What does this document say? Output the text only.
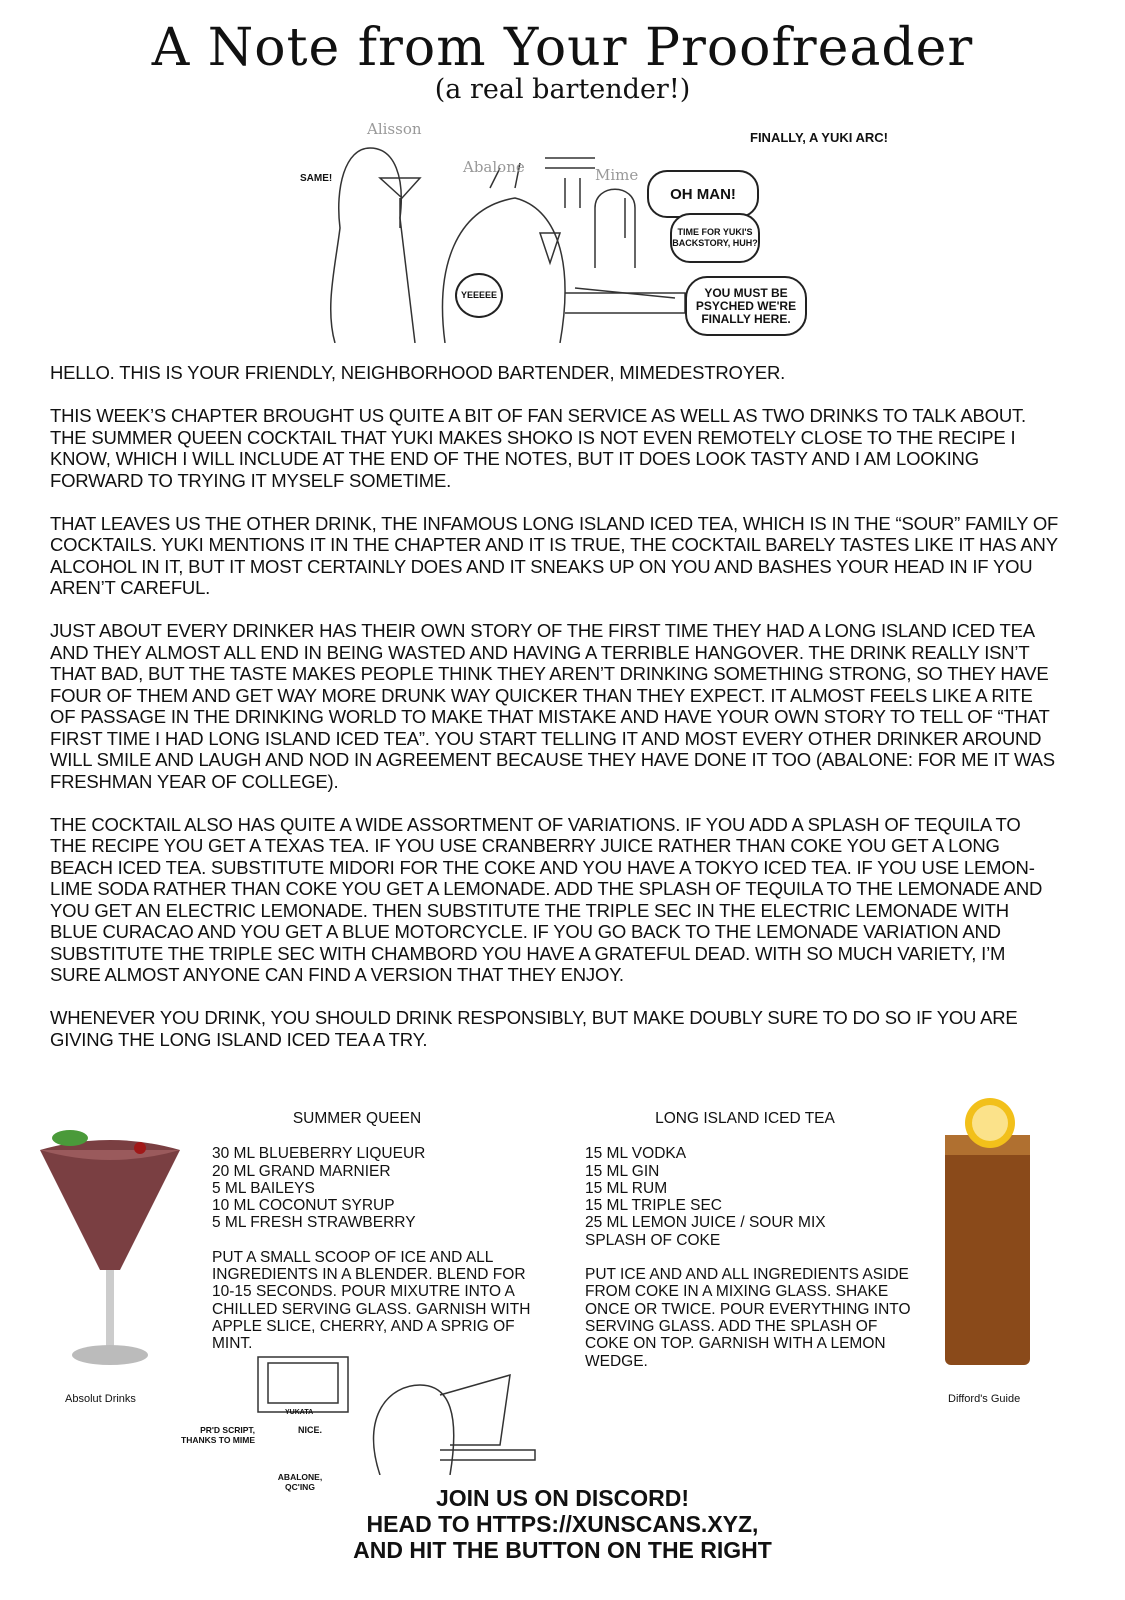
A Note from Your Proofreader
(a real bartender!)
Alisson
Abalone	Mime
SAME!
FINALLY, A YUKI ARC!
YEEEEE
OH MAN!
TIME FOR YUKI'S BACKSTORY, HUH?
YOU MUST BE PSYCHED WE'RE FINALLY HERE.

HELLO. THIS IS YOUR FRIENDLY, NEIGHBORHOOD BARTENDER, MIMEDESTROYER.

THIS WEEK’S CHAPTER BROUGHT US QUITE A BIT OF FAN SERVICE AS WELL AS TWO DRINKS TO TALK ABOUT. THE SUMMER QUEEN COCKTAIL THAT YUKI MAKES SHOKO IS NOT EVEN REMOTELY CLOSE TO THE RECIPE I KNOW, WHICH I WILL INCLUDE AT THE END OF THE NOTES, BUT IT DOES LOOK TASTY AND I AM LOOKING FORWARD TO TRYING IT MYSELF SOMETIME.

THAT LEAVES US THE OTHER DRINK, THE INFAMOUS LONG ISLAND ICED TEA, WHICH IS IN THE “SOUR” FAMILY OF COCKTAILS. YUKI MENTIONS IT IN THE CHAPTER AND IT IS TRUE, THE COCKTAIL BARELY TASTES LIKE IT HAS ANY ALCOHOL IN IT, BUT IT MOST CERTAINLY DOES AND IT SNEAKS UP ON YOU AND BASHES YOUR HEAD IN IF YOU AREN’T CAREFUL.

JUST ABOUT EVERY DRINKER HAS THEIR OWN STORY OF THE FIRST TIME THEY HAD A LONG ISLAND ICED TEA AND THEY ALMOST ALL END IN BEING WASTED AND HAVING A TERRIBLE HANGOVER. THE DRINK REALLY ISN’T THAT BAD, BUT THE TASTE MAKES PEOPLE THINK THEY AREN’T DRINKING SOMETHING STRONG, SO THEY HAVE FOUR OF THEM AND GET WAY MORE DRUNK WAY QUICKER THAN THEY EXPECT. IT ALMOST FEELS LIKE A RITE OF PASSAGE IN THE DRINKING WORLD TO MAKE THAT MISTAKE AND HAVE YOUR OWN STORY TO TELL OF “THAT FIRST TIME I HAD LONG ISLAND ICED TEA”. YOU START TELLING IT AND MOST EVERY OTHER DRINKER AROUND WILL SMILE AND LAUGH AND NOD IN AGREEMENT BECAUSE THEY HAVE DONE IT TOO (ABALONE: FOR ME IT WAS FRESHMAN YEAR OF COLLEGE).

THE COCKTAIL ALSO HAS QUITE A WIDE ASSORTMENT OF VARIATIONS. IF YOU ADD A SPLASH OF TEQUILA TO THE RECIPE YOU GET A TEXAS TEA. IF YOU USE CRANBERRY JUICE RATHER THAN COKE YOU GET A LONG BEACH ICED TEA. SUBSTITUTE MIDORI FOR THE COKE AND YOU HAVE A TOKYO ICED TEA. IF YOU USE LEMON-LIME SODA RATHER THAN COKE YOU GET A LEMONADE. ADD THE SPLASH OF TEQUILA TO THE LEMONADE AND YOU GET AN ELECTRIC LEMONADE. THEN SUBSTITUTE THE TRIPLE SEC IN THE ELECTRIC LEMONADE WITH BLUE CURACAO AND YOU GET A BLUE MOTORCYCLE. IF YOU GO BACK TO THE LEMONADE VARIATION AND SUBSTITUTE THE TRIPLE SEC WITH CHAMBORD YOU HAVE A GRATEFUL DEAD. WITH SO MUCH VARIETY, I’M SURE ALMOST ANYONE CAN FIND A VERSION THAT THEY ENJOY.

WHENEVER YOU DRINK, YOU SHOULD DRINK RESPONSIBLY, BUT MAKE DOUBLY SURE TO DO SO IF YOU ARE GIVING THE LONG ISLAND ICED TEA A TRY.

Absolut Drinks
SUMMER QUEEN
30 ML BLUEBERRY LIQUEUR
20 ML GRAND MARNIER
5 ML BAILEYS
10 ML COCONUT SYRUP
5 ML FRESH STRAWBERRY
PUT A SMALL SCOOP OF ICE AND ALL INGREDIENTS IN A BLENDER. BLEND FOR 10-15 SECONDS. POUR MIXUTRE INTO A CHILLED SERVING GLASS. GARNISH WITH APPLE SLICE, CHERRY, AND A SPRIG OF MINT.
LONG ISLAND ICED TEA
15 ML VODKA
15 ML GIN
15 ML RUM
15 ML TRIPLE SEC
25 ML LEMON JUICE / SOUR MIX
SPLASH OF COKE
PUT ICE AND AND ALL INGREDIENTS ASIDE FROM COKE IN A MIXING GLASS. SHAKE ONCE OR TWICE. POUR EVERYTHING INTO SERVING GLASS. ADD THE SPLASH OF COKE ON TOP. GARNISH WITH A LEMON WEDGE.
Difford's Guide
PR'D SCRIPT, THANKS TO MIME
ABALONE, QC'ING
YUKATA
NICE.
JOIN US ON DISCORD!
HEAD TO HTTPS://XUNSCANS.XYZ,
AND HIT THE BUTTON ON THE RIGHT
